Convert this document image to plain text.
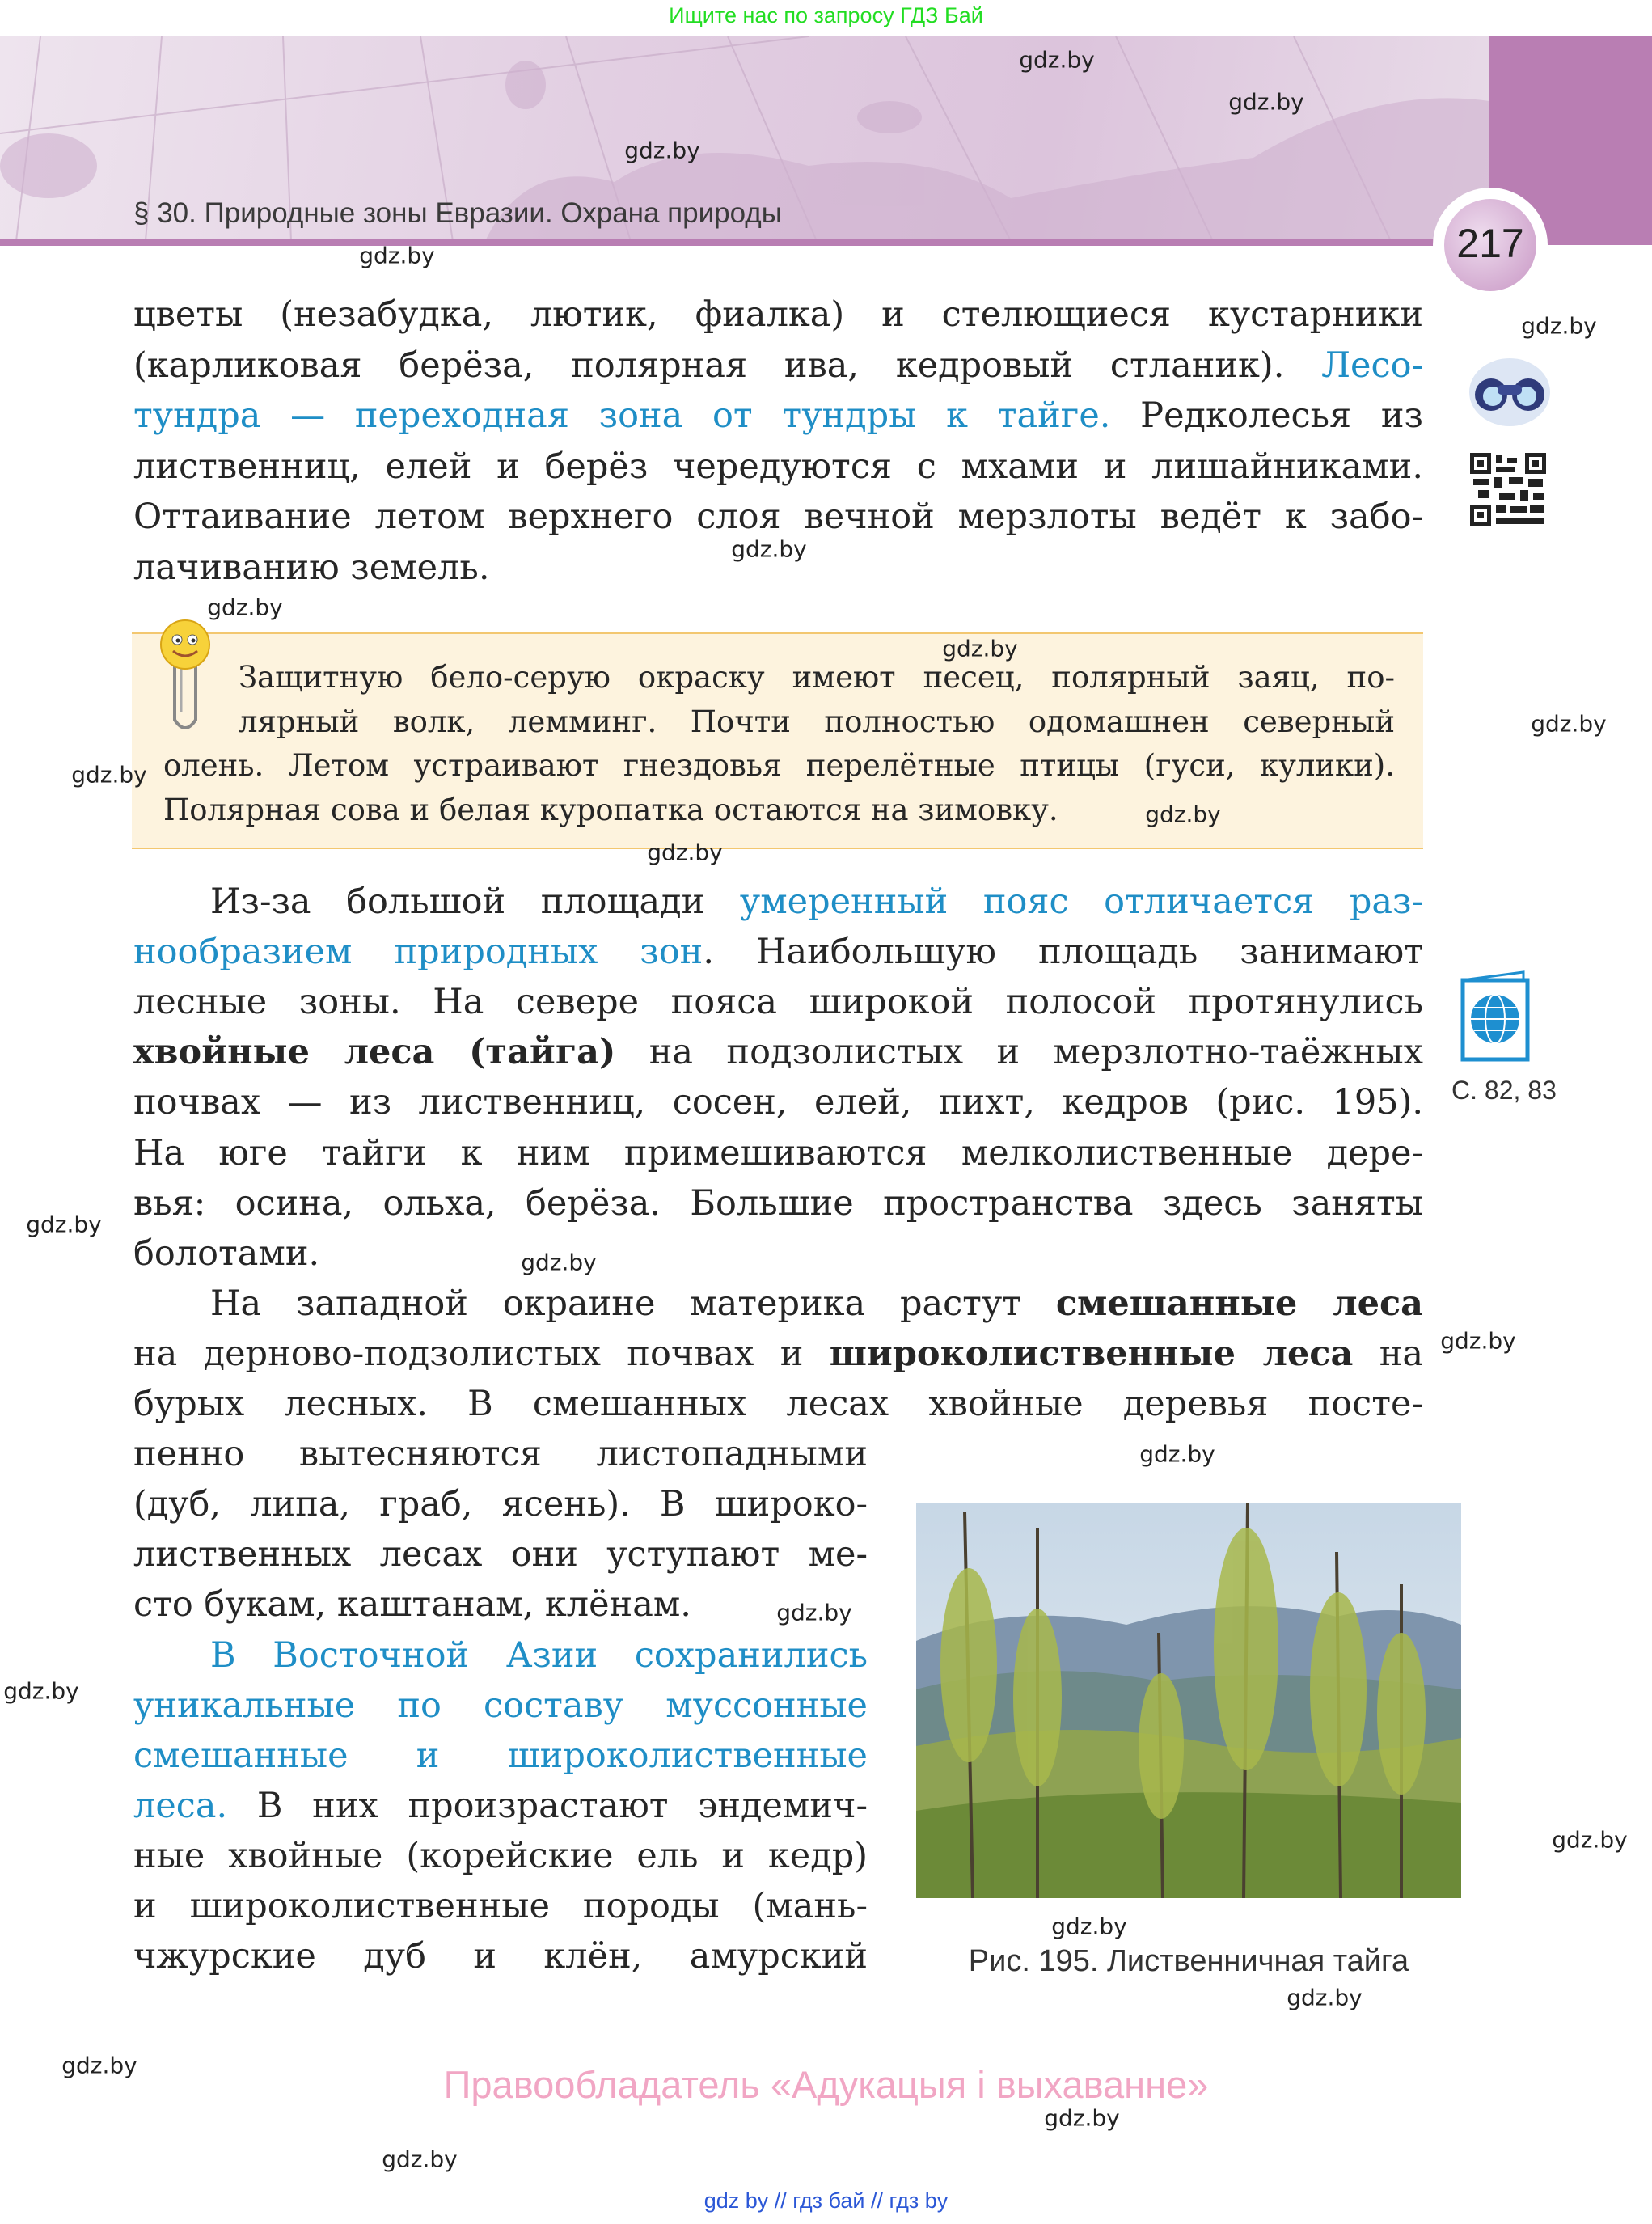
Ищите нас по запросу ГДЗ Бай
§ 30. Природные зоны Евразии. Охрана природы
217
цветы (незабудка, лютик, фиалка) и стелющиеся кустарники
(карликовая берёза, полярная ива, кедровый стланик). Лесо-
тундра — переходная зона от тундры к тайге. Редколесья из
лиственниц, елей и берёз чередуются с мхами и лишайниками.
Оттаивание летом верхнего слоя вечной мерзлоты ведёт к забо-
лачиванию земель.
Защитную бело-серую окраску имеют песец, полярный заяц, по-
лярный волк, лемминг. Почти полностью одомашнен северный
олень. Летом устраивают гнездовья перелётные птицы (гуси, кулики).
Полярная сова и белая куропатка остаются на зимовку.
Из-за большой площади умеренный пояс отличается раз-
нообразием природных зон. Наибольшую площадь занимают
лесные зоны. На севере пояса широкой полосой протянулись
хвойные леса (тайга) на подзолистых и мерзлотно-таёжных
почвах — из лиственниц, сосен, елей, пихт, кедров (рис. 195).
На юге тайги к ним примешиваются мелколиственные дере-
вья: осина, ольха, берёза. Большие пространства здесь заняты
болотами.
На западной окраине материка растут смешанные леса
на дерново-подзолистых почвах и широколиственные леса на
бурых лесных. В смешанных лесах хвойные деревья посте-
пенно вытесняются листопадными
(дуб, липа, граб, ясень). В широко-
лиственных лесах они уступают ме-
сто букам, каштанам, клёнам.
В Восточной Азии сохранились
уникальные по составу муссонные
смешанные и широколиственные
леса. В них произрастают эндемич-
ные хвойные (корейские ель и кедр)
и широколиственные породы (мань-
чжурские дуб и клён, амурский
С. 82, 83
Рис. 195. Лиственничная тайга
Правообладатель «Адукацыя і выхаванне»
gdz by // гдз бай // гдз by
gdz.by
gdz.by
gdz.by
gdz.by
gdz.by
gdz.by
gdz.by
gdz.by
gdz.by
gdz.by
gdz.by
gdz.by
gdz.by
gdz.by
gdz.by
gdz.by
gdz.by
gdz.by
gdz.by
gdz.by
gdz.by
gdz.by
gdz.by
gdz.by
